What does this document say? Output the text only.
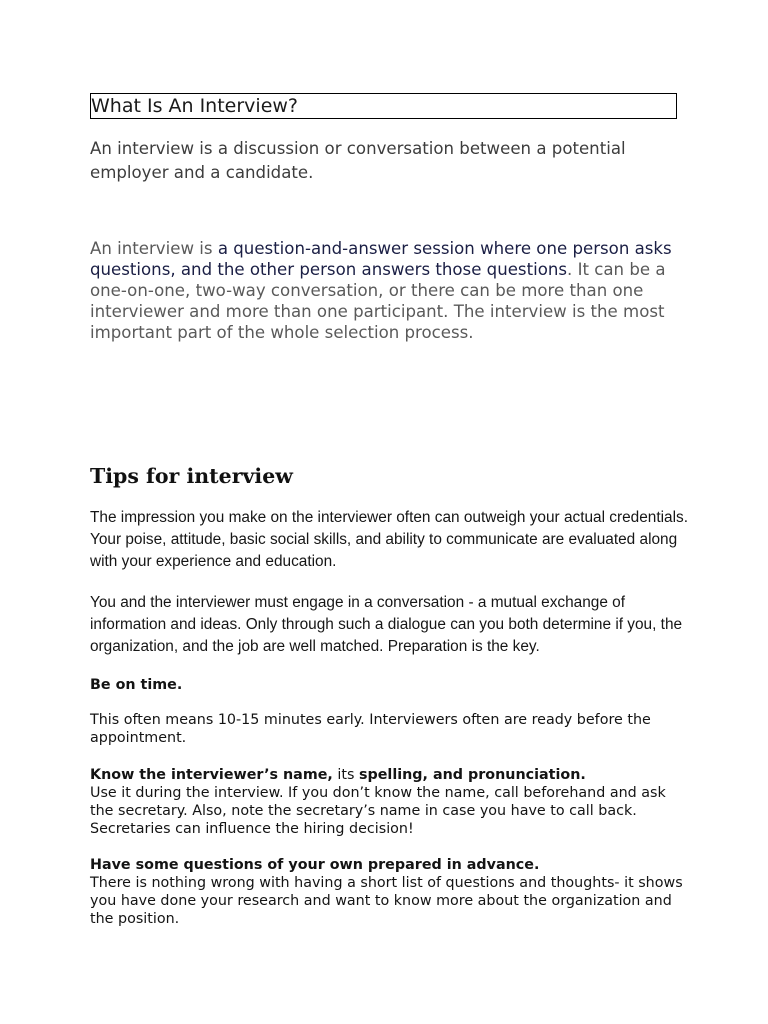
What Is An Interview?

An interview is a discussion or conversation between a potential employer and a candidate.

An interview is a question-and-answer session where one person asks questions, and the other person answers those questions. It can be a one-on-one, two-way conversation, or there can be more than one interviewer and more than one participant. The interview is the most important part of the whole selection process.

Tips for interview

The impression you make on the interviewer often can outweigh your actual credentials. Your poise, attitude, basic social skills, and ability to communicate are evaluated along with your experience and education.

You and the interviewer must engage in a conversation - a mutual exchange of information and ideas. Only through such a dialogue can you both determine if you, the organization, and the job are well matched. Preparation is the key.

Be on time.

This often means 10-15 minutes early. Interviewers often are ready before the appointment.

Know the interviewer’s name, its spelling, and pronunciation.

Use it during the interview. If you don’t know the name, call beforehand and ask the secretary. Also, note the secretary’s name in case you have to call back. Secretaries can influence the hiring decision!

Have some questions of your own prepared in advance.

There is nothing wrong with having a short list of questions and thoughts- it shows you have done your research and want to know more about the organization and the position.
